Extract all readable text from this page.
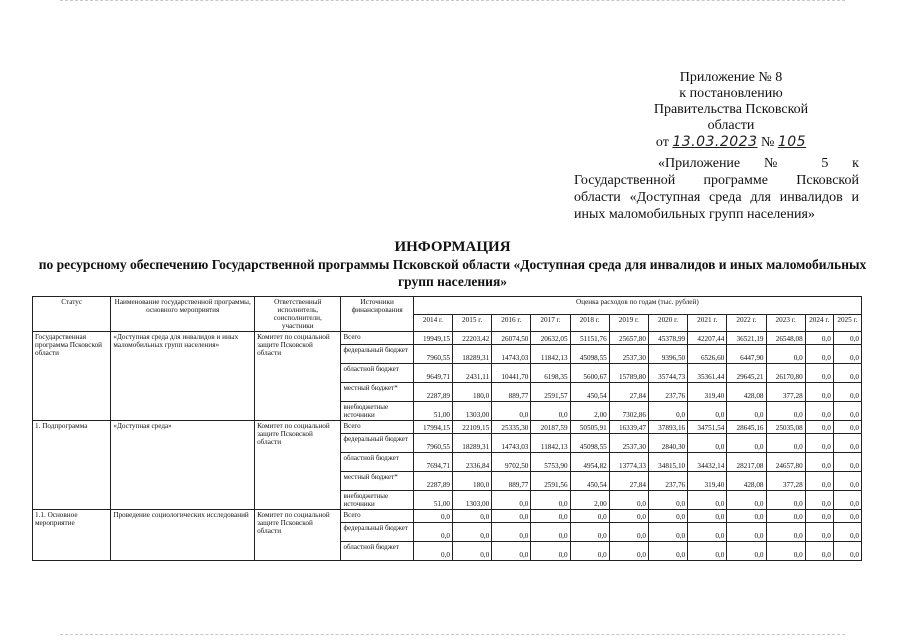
Приложение № 8
к постановлению
Правительства Псковской области
от 13.03.2023 № 105
«Приложение № 5 к Государственной программе Псковской области «Доступная среда для инвалидов и иных маломобильных групп населения»
ИНФОРМАЦИЯ
по ресурсному обеспечению Государственной программы Псковской области «Доступная среда для инвалидов и иных маломобильных групп населения»
Статус	Наименование государственной программы, основного мероприятия	Ответственный исполнитель, соисполнители, участники	Источники финансирования	Оценка расходов по годам (тыс. рублей)											
				2014 г.	2015 г.	2016 г.	2017 г.	2018 г.	2019 г.	2020 г.	2021 г.	2022 г.	2023 г.	2024 г.	2025 г.
Государственная программа Псковской области	«Доступная среда для инвалидов и иных маломобильных групп населения»	Комитет по социальной защите Псковской области	Всего	19949,15	22203,42	26074,50	20632,05	51151,76	25657,80	45378,99	42207,44	36521,19	26548,08	0,0	0,0
			федеральный бюджет	7960,55	18289,31	14743,03	11842,13	45098,55	2537,30	9396,50	6526,60	6447,90	0,0	0,0	0,0
			областной бюджет	9649,71	2431,11	10441,70	6198,35	5600,67	15789,80	35744,73	35361,44	29645,21	26170,80	0,0	0,0
			местный бюджет*	2287,89	180,0	889,77	2591,57	450,54	27,84	237,76	319,40	428,08	377,28	0,0	0,0
			внебюджетные источники	51,00	1303,00	0,0	0,0	2,00	7302,86	0,0	0,0	0,0	0,0	0,0	0,0
1. Подпрограмма	«Доступная среда»	Комитет по социальной защите Псковской области	Всего	17994,15	22109,15	25335,30	20187,59	50505,91	16339,47	37893,16	34751,54	28645,16	25035,08	0,0	0,0
			федеральный бюджет	7960,55	18289,31	14743,03	11842,13	45098,55	2537,30	2840,30	0,0	0,0	0,0	0,0	0,0
			областной бюджет	7694,71	2336,84	9702,50	5753,90	4954,82	13774,33	34815,10	34432,14	28217,08	24657,80	0,0	0,0
			местный бюджет*	2287,89	180,0	889,77	2591,56	450,54	27,84	237,76	319,40	428,08	377,28	0,0	0,0
			внебюджетные источники	51,00	1303,00	0,0	0,0	2,00	0,0	0,0	0,0	0,0	0,0	0,0	0,0
1.1. Основное мероприятие	Проведение социологических исследований	Комитет по социальной защите Псковской области	Всего	0,0	0,0	0,0	0,0	0,0	0,0	0,0	0,0	0,0	0,0	0,0	0,0
			федеральный бюджет	0,0	0,0	0,0	0,0	0,0	0,0	0,0	0,0	0,0	0,0	0,0	0,0
			областной бюджет	0,0	0,0	0,0	0,0	0,0	0,0	0,0	0,0	0,0	0,0	0,0	0,0
